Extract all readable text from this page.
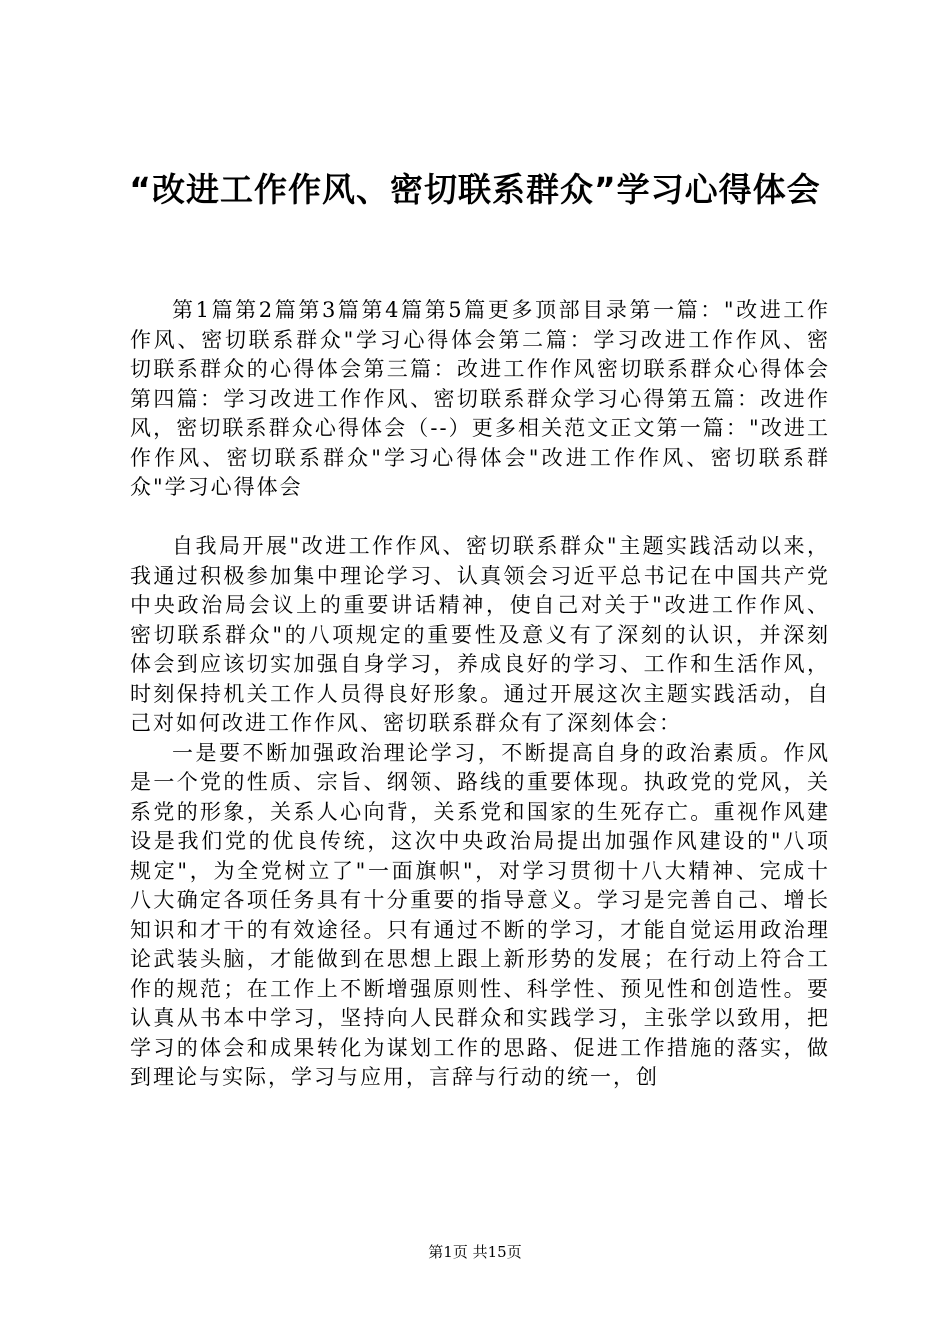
“改进工作作风、密切联系群众”学习心得体会

第1篇第2篇第3篇第4篇第5篇更多顶部目录第一篇："改进工作作风、密切联系群众"学习心得体会第二篇：学习改进工作作风、密切联系群众的心得体会第三篇：改进工作作风密切联系群众心得体会第四篇：学习改进工作作风、密切联系群众学习心得第五篇：改进作风，密切联系群众心得体会（--）更多相关范文正文第一篇："改进工作作风、密切联系群众"学习心得体会"改进工作作风、密切联系群众"学习心得体会

自我局开展"改进工作作风、密切联系群众"主题实践活动以来，我通过积极参加集中理论学习、认真领会习近平总书记在中国共产党中央政治局会议上的重要讲话精神，使自己对关于"改进工作作风、密切联系群众"的八项规定的重要性及意义有了深刻的认识，并深刻体会到应该切实加强自身学习，养成良好的学习、工作和生活作风，时刻保持机关工作人员得良好形象。通过开展这次主题实践活动，自己对如何改进工作作风、密切联系群众有了深刻体会：

一是要不断加强政治理论学习，不断提高自身的政治素质。作风是一个党的性质、宗旨、纲领、路线的重要体现。执政党的党风，关系党的形象，关系人心向背，关系党和国家的生死存亡。重视作风建设是我们党的优良传统，这次中央政治局提出加强作风建设的"八项规定"，为全党树立了"一面旗帜"，对学习贯彻十八大精神、完成十八大确定各项任务具有十分重要的指导意义。学习是完善自己、增长知识和才干的有效途径。只有通过不断的学习，才能自觉运用政治理论武装头脑，才能做到在思想上跟上新形势的发展；在行动上符合工作的规范；在工作上不断增强原则性、科学性、预见性和创造性。要认真从书本中学习，坚持向人民群众和实践学习，主张学以致用，把学习的体会和成果转化为谋划工作的思路、促进工作措施的落实，做到理论与实际，学习与应用，言辞与行动的统一，创

第1页 共15页
